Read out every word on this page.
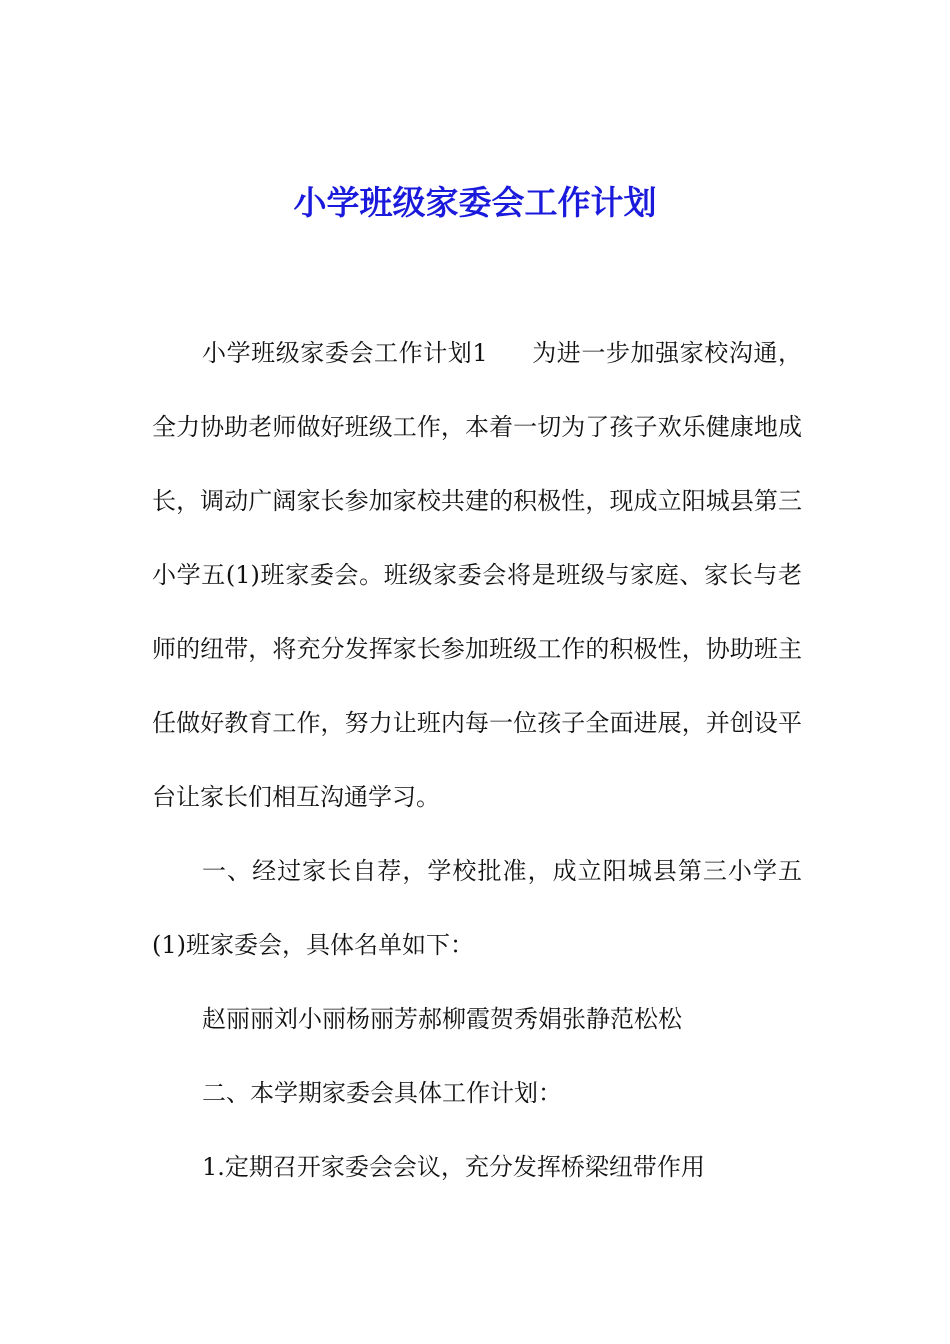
小学班级家委会工作计划

小学班级家委会工作计划1 为进一步加强家校沟通，全力协助老师做好班级工作，本着一切为了孩子欢乐健康地成长，调动广阔家长参加家校共建的积极性，现成立阳城县第三小学五(1)班家委会。班级家委会将是班级与家庭、家长与老师的纽带，将充分发挥家长参加班级工作的积极性，协助班主任做好教育工作，努力让班内每一位孩子全面进展，并创设平台让家长们相互沟通学习。

一、经过家长自荐，学校批准，成立阳城县第三小学五(1)班家委会，具体名单如下：

赵丽丽刘小丽杨丽芳郝柳霞贺秀娟张静范松松

二、本学期家委会具体工作计划：

1.定期召开家委会会议，充分发挥桥梁纽带作用
